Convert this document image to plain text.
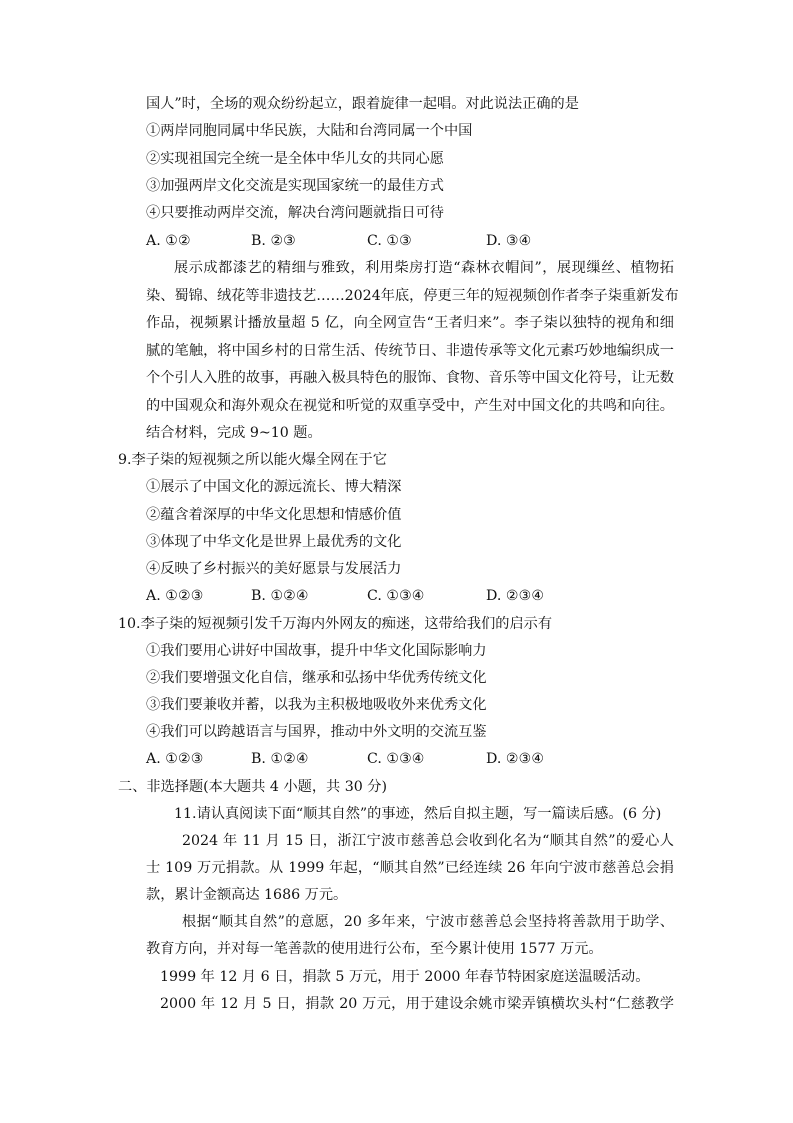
国人”时，全场的观众纷纷起立，跟着旋律一起唱。对此说法正确的是
①两岸同胞同属中华民族，大陆和台湾同属一个中国
②实现祖国完全统一是全体中华儿女的共同心愿
③加强两岸文化交流是实现国家统一的最佳方式
④只要推动两岸交流，解决台湾问题就指日可待
A. ①②	B. ②③	C. ①③	D. ③④
展示成都漆艺的精细与雅致，利用柴房打造“森林衣帽间”，展现缫丝、植物拓
染、蜀锦、绒花等非遗技艺……2024年底，停更三年的短视频创作者李子柒重新发布
作品，视频累计播放量超 5 亿，向全网宣告“王者归来”。李子柒以独特的视角和细
腻的笔触，将中国乡村的日常生活、传统节日、非遗传承等文化元素巧妙地编织成一
个个引人入胜的故事，再融入极具特色的服饰、食物、音乐等中国文化符号，让无数
的中国观众和海外观众在视觉和听觉的双重享受中，产生对中国文化的共鸣和向往。
结合材料，完成 9~10 题。
9.李子柒的短视频之所以能火爆全网在于它
①展示了中国文化的源远流长、博大精深
②蕴含着深厚的中华文化思想和情感价值
③体现了中华文化是世界上最优秀的文化
④反映了乡村振兴的美好愿景与发展活力
A. ①②③	B. ①②④	C. ①③④	D. ②③④
10.李子柒的短视频引发千万海内外网友的痴迷，这带给我们的启示有
①我们要用心讲好中国故事，提升中华文化国际影响力
②我们要增强文化自信，继承和弘扬中华优秀传统文化
③我们要兼收并蓄，以我为主积极地吸收外来优秀文化
④我们可以跨越语言与国界，推动中外文明的交流互鉴
A. ①②③	B. ①②④	C. ①③④	D. ②③④
二、非选择题(本大题共 4 小题，共 30 分)
11.请认真阅读下面“顺其自然”的事迹，然后自拟主题，写一篇读后感。(6 分)
2024 年 11 月 15 日，浙江宁波市慈善总会收到化名为“顺其自然”的爱心人
士 109 万元捐款。从 1999 年起，“顺其自然”已经连续 26 年向宁波市慈善总会捐
款，累计金额高达 1686 万元。
根据“顺其自然”的意愿，20 多年来，宁波市慈善总会坚持将善款用于助学、
教育方向，并对每一笔善款的使用进行公布，至今累计使用 1577 万元。
1999 年 12 月 6 日，捐款 5 万元，用于 2000 年春节特困家庭送温暖活动。
2000 年 12 月 5 日，捐款 20 万元，用于建设余姚市梁弄镇横坎头村“仁慈教学
